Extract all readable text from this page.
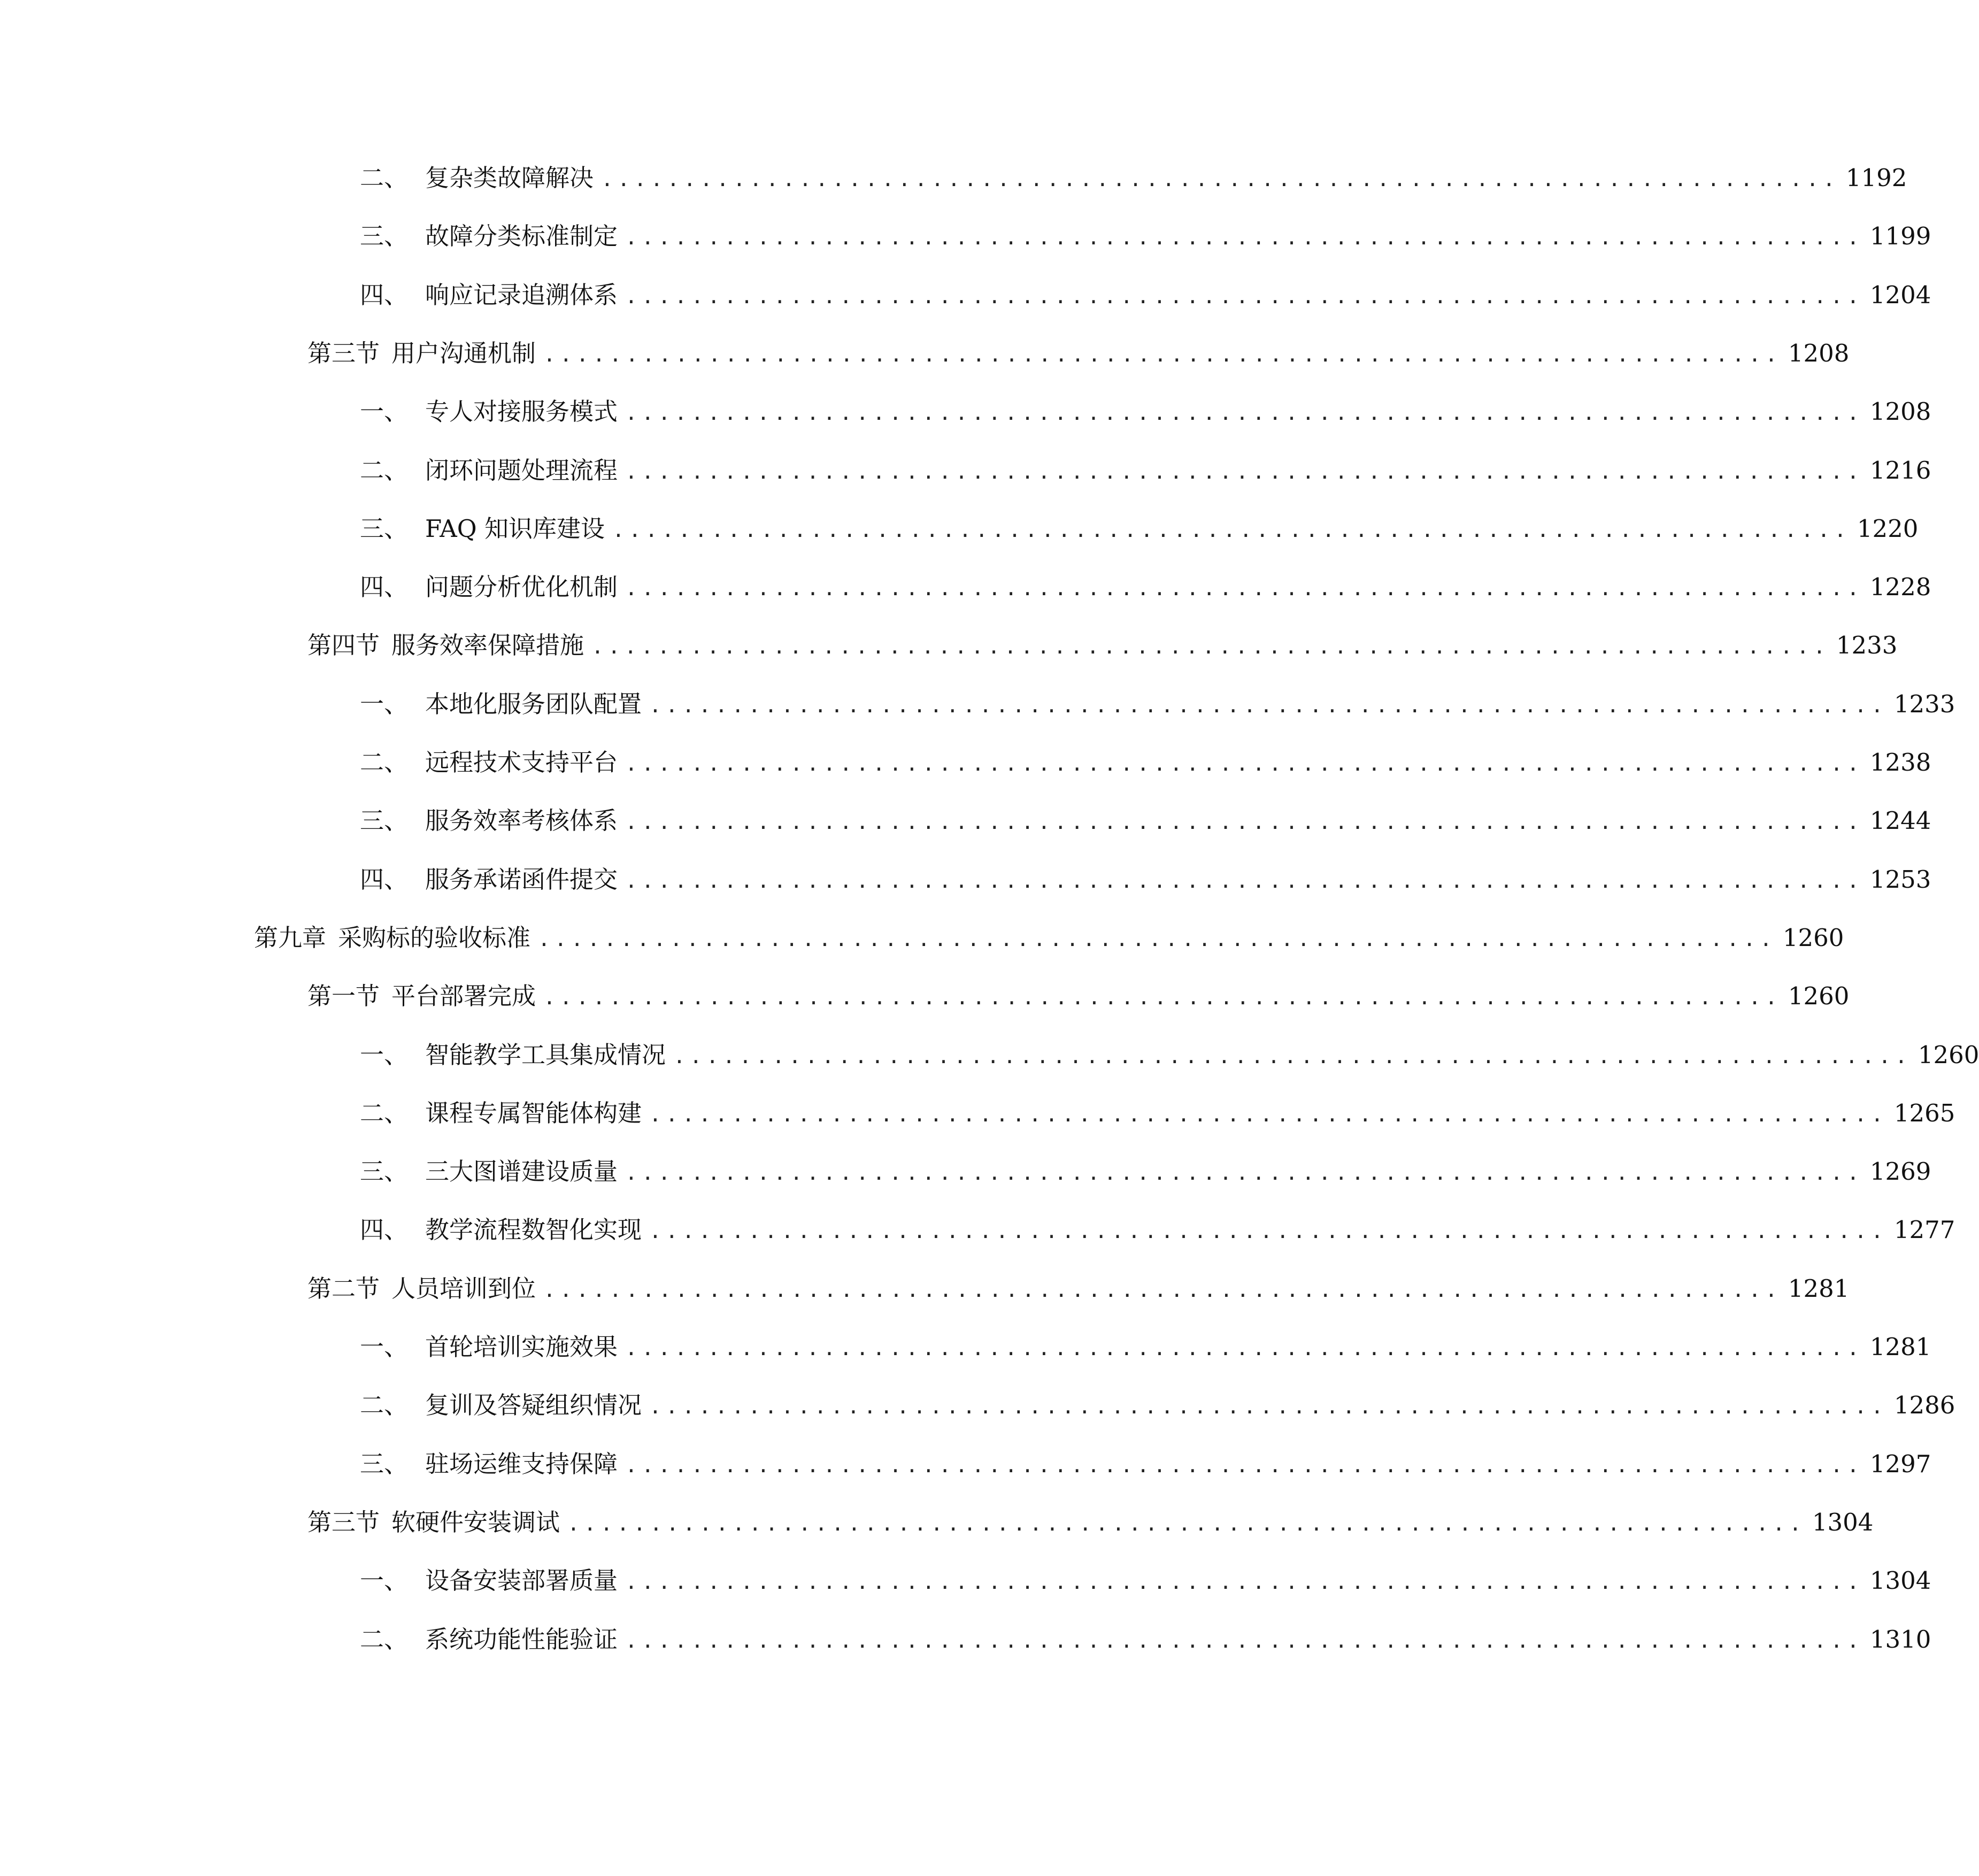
二、 复杂类故障解决 ........................................................................... 1192
三、 故障分类标准制定 ........................................................................... 1199
四、 响应记录追溯体系 ........................................................................... 1204
第三节 用户沟通机制 ........................................................................... 1208
一、 专人对接服务模式 ........................................................................... 1208
二、 闭环问题处理流程 ........................................................................... 1216
三、 FAQ 知识库建设 ........................................................................... 1220
四、 问题分析优化机制 ........................................................................... 1228
第四节 服务效率保障措施 ........................................................................... 1233
一、 本地化服务团队配置 ........................................................................... 1233
二、 远程技术支持平台 ........................................................................... 1238
三、 服务效率考核体系 ........................................................................... 1244
四、 服务承诺函件提交 ........................................................................... 1253
第九章 采购标的验收标准 ........................................................................... 1260
第一节 平台部署完成 ........................................................................... 1260
一、 智能教学工具集成情况 ........................................................................... 1260
二、 课程专属智能体构建 ........................................................................... 1265
三、 三大图谱建设质量 ........................................................................... 1269
四、 教学流程数智化实现 ........................................................................... 1277
第二节 人员培训到位 ........................................................................... 1281
一、 首轮培训实施效果 ........................................................................... 1281
二、 复训及答疑组织情况 ........................................................................... 1286
三、 驻场运维支持保障 ........................................................................... 1297
第三节 软硬件安装调试 ........................................................................... 1304
一、 设备安装部署质量 ........................................................................... 1304
二、 系统功能性能验证 ........................................................................... 1310
